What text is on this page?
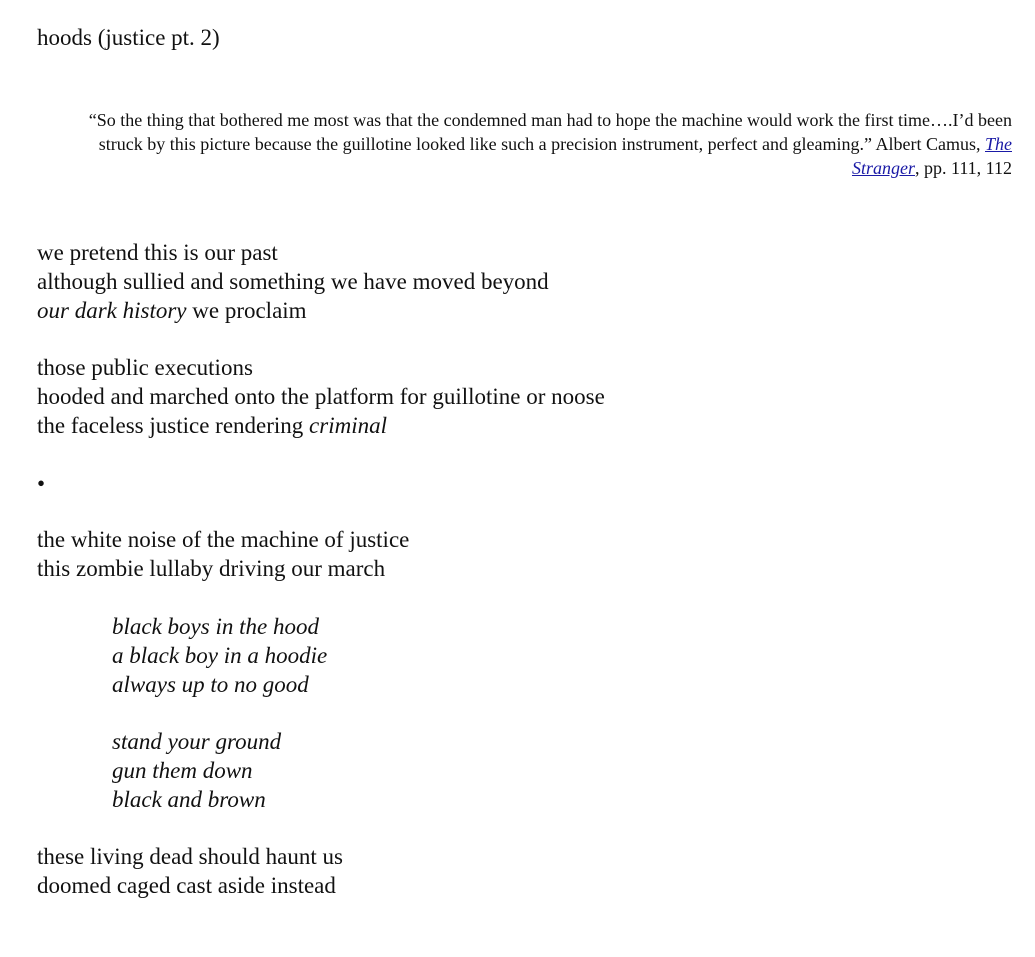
hoods (justice pt. 2)
“So the thing that bothered me most was that the condemned man had to hope the machine would work the first time….I’d been struck by this picture because the guillotine looked like such a precision instrument, perfect and gleaming.” Albert Camus, The Stranger, pp. 111, 112
we pretend this is our past
although sullied and something we have moved beyond
our dark history we proclaim
those public executions
hooded and marched onto the platform for guillotine or noose
the faceless justice rendering criminal
•
the white noise of the machine of justice
this zombie lullaby driving our march
black boys in the hood
a black boy in a hoodie
always up to no good
stand your ground
gun them down
black and brown
these living dead should haunt us
doomed caged cast aside instead
